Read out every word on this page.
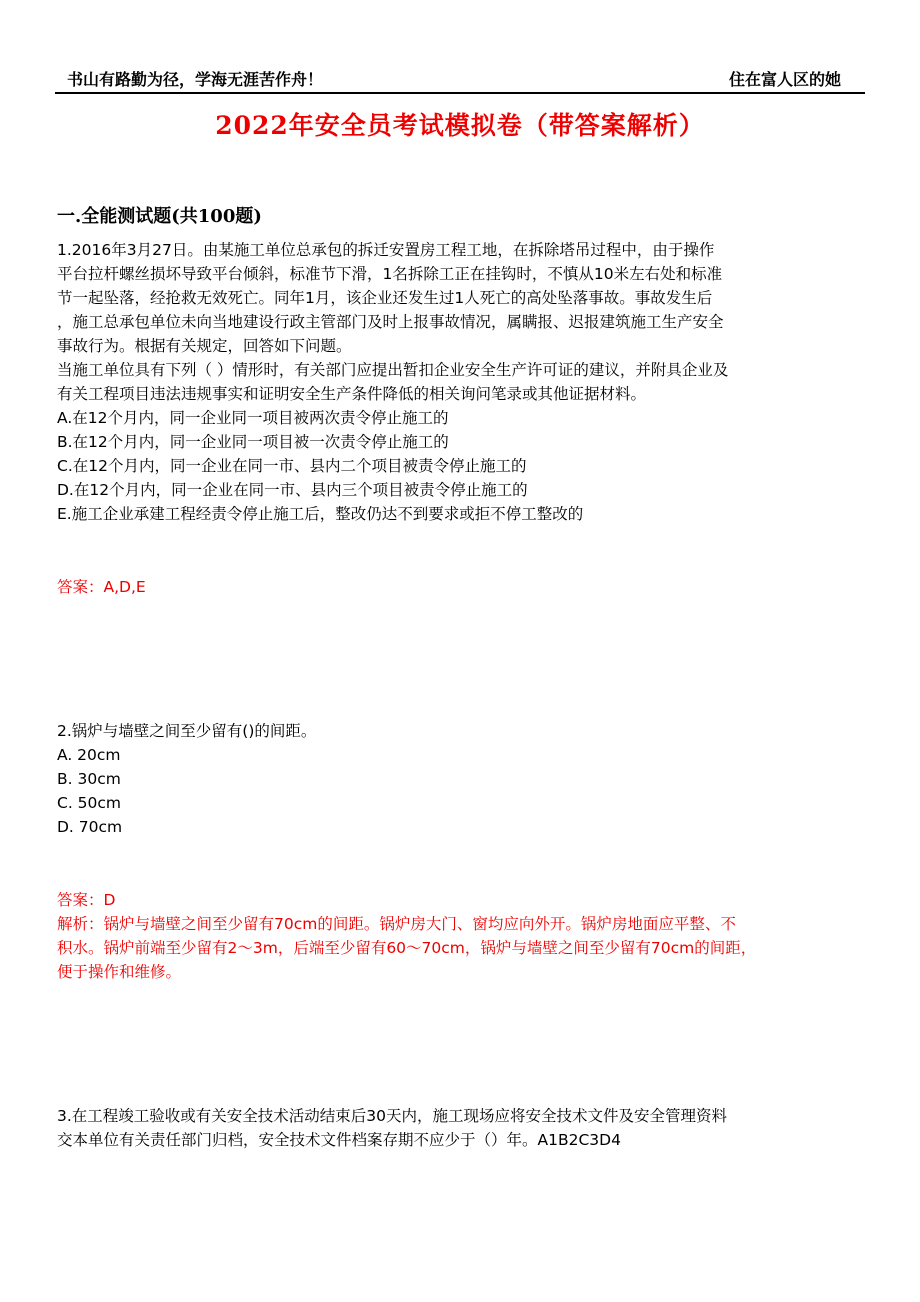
书山有路勤为径，学海无涯苦作舟！	住在富人区的她
2022年安全员考试模拟卷（带答案解析）
一.全能测试题(共100题)
1.2016年3月27日。由某施工单位总承包的拆迁安置房工程工地，在拆除塔吊过程中，由于操作
平台拉杆螺丝损坏导致平台倾斜，标准节下滑，1名拆除工正在挂钩时，不慎从10米左右处和标准
节一起坠落，经抢救无效死亡。同年1月，该企业还发生过1人死亡的高处坠落事故。事故发生后
，施工总承包单位未向当地建设行政主管部门及时上报事故情况，属瞒报、迟报建筑施工生产安全
事故行为。根据有关规定，回答如下问题。
当施工单位具有下列（ ）情形时，有关部门应提出暂扣企业安全生产许可证的建议，并附具企业及
有关工程项目违法违规事实和证明安全生产条件降低的相关询问笔录或其他证据材料。
A.在12个月内，同一企业同一项目被两次责令停止施工的
B.在12个月内，同一企业同一项目被一次责令停止施工的
C.在12个月内，同一企业在同一市、县内二个项目被责令停止施工的
D.在12个月内，同一企业在同一市、县内三个项目被责令停止施工的
E.施工企业承建工程经责令停止施工后，整改仍达不到要求或拒不停工整改的
答案：A,D,E
2.锅炉与墙壁之间至少留有()的间距。
A. 20cm
B. 30cm
C. 50cm
D. 70cm
答案：D
解析：锅炉与墙壁之间至少留有70cm的间距。锅炉房大门、窗均应向外开。锅炉房地面应平整、不
积水。锅炉前端至少留有2～3m，后端至少留有60～70cm，锅炉与墙壁之间至少留有70cm的间距，
便于操作和维修。
3.在工程竣工验收或有关安全技术活动结束后30天内，施工现场应将安全技术文件及安全管理资料
交本单位有关责任部门归档，安全技术文件档案存期不应少于（）年。A1B2C3D4
